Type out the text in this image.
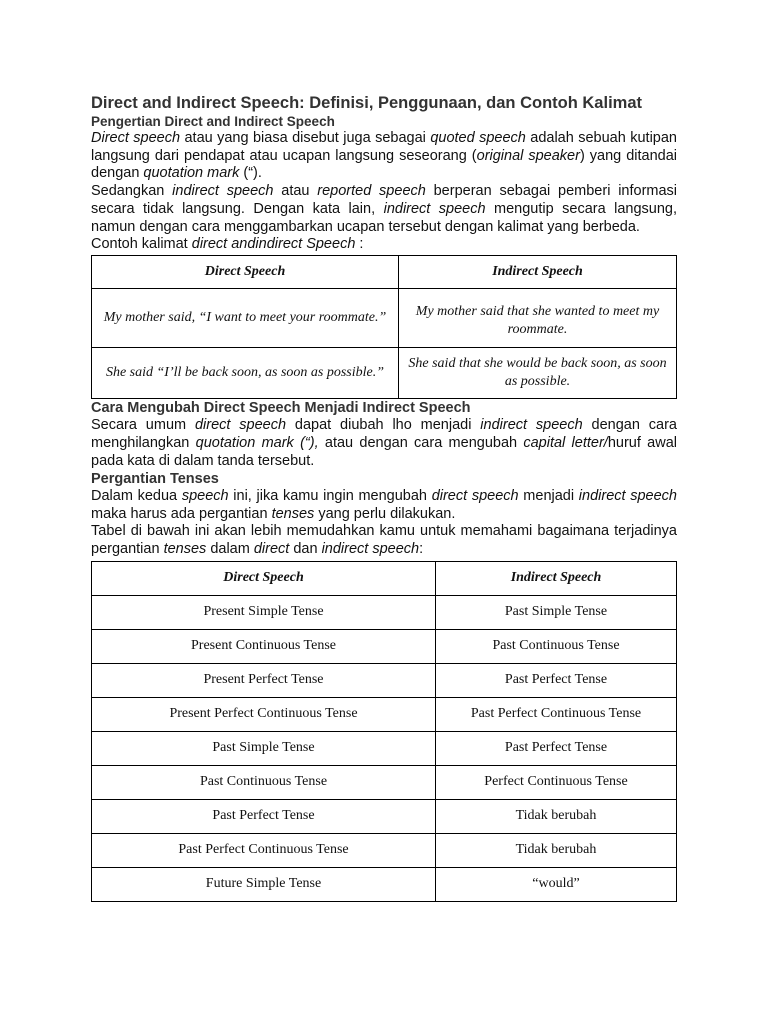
Direct and Indirect Speech: Definisi, Penggunaan, dan Contoh Kalimat
Pengertian Direct and Indirect Speech

Direct speech atau yang biasa disebut juga sebagai quoted speech adalah sebuah kutipan langsung dari pendapat atau ucapan langsung seseorang (original speaker) yang ditandai dengan quotation mark (“).

Sedangkan indirect speech atau reported speech berperan sebagai pemberi informasi secara tidak langsung. Dengan kata lain, indirect speech mengutip secara langsung, namun dengan cara menggambarkan ucapan tersebut dengan kalimat yang berbeda.

Contoh kalimat direct andindirect Speech :

Direct Speech	Indirect Speech
My mother said, “I want to meet your roommate.”	My mother said that she wanted to meet my roommate.
She said “I’ll be back soon, as soon as possible.”	She said that she would be back soon, as soon as possible.
Cara Mengubah Direct Speech Menjadi Indirect Speech

Secara umum direct speech dapat diubah lho menjadi indirect speech dengan cara menghilangkan quotation mark (“), atau dengan cara mengubah capital letter/huruf awal pada kata di dalam tanda tersebut.

Pergantian Tenses

Dalam kedua speech ini, jika kamu ingin mengubah direct speech menjadi indirect speech maka harus ada pergantian tenses yang perlu dilakukan.

Tabel di bawah ini akan lebih memudahkan kamu untuk memahami bagaimana terjadinya pergantian tenses dalam direct dan indirect speech:

Direct Speech	Indirect Speech
Present Simple Tense	Past Simple Tense
Present Continuous Tense	Past Continuous Tense
Present Perfect Tense	Past Perfect Tense
Present Perfect Continuous Tense	Past Perfect Continuous Tense
Past Simple Tense	Past Perfect Tense
Past Continuous Tense	Perfect Continuous Tense
Past Perfect Tense	Tidak berubah
Past Perfect Continuous Tense	Tidak berubah
Future Simple Tense	“would”
